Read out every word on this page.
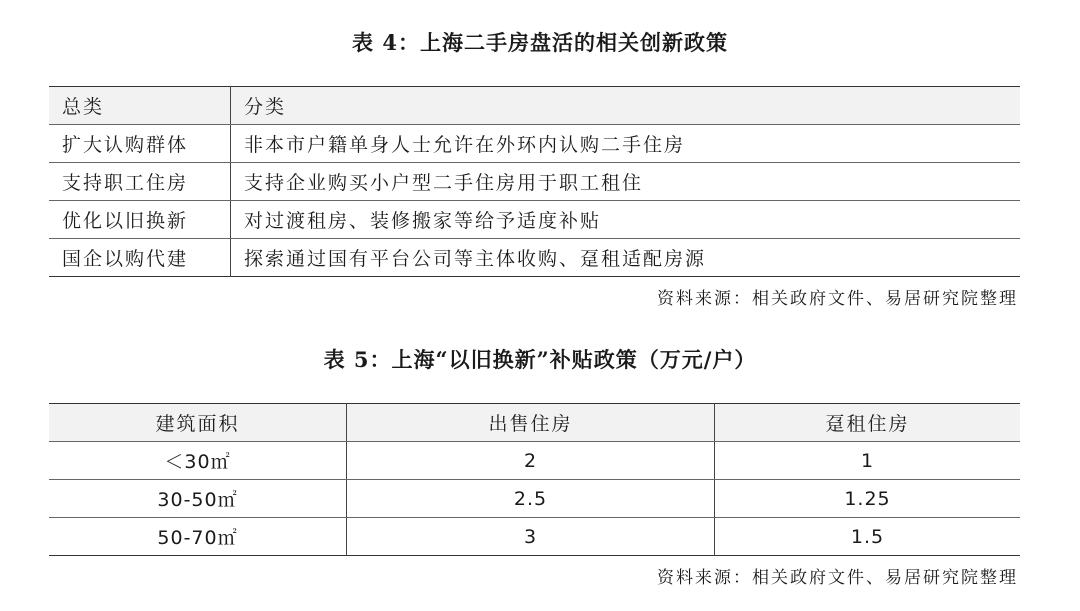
表 4：上海二手房盘活的相关创新政策
总类	分类
扩大认购群体	非本市户籍单身人士允许在外环内认购二手住房
支持职工住房	支持企业购买小户型二手住房用于职工租住
优化以旧换新	对过渡租房、装修搬家等给予适度补贴
国企以购代建	探索通过国有平台公司等主体收购、趸租适配房源
资料来源：相关政府文件、易居研究院整理
表 5：上海“以旧换新”补贴政策（万元/户）
建筑面积	出售住房	趸租住房
＜30㎡	2	1
30-50㎡	2.5	1.25
50-70㎡	3	1.5
资料来源：相关政府文件、易居研究院整理
